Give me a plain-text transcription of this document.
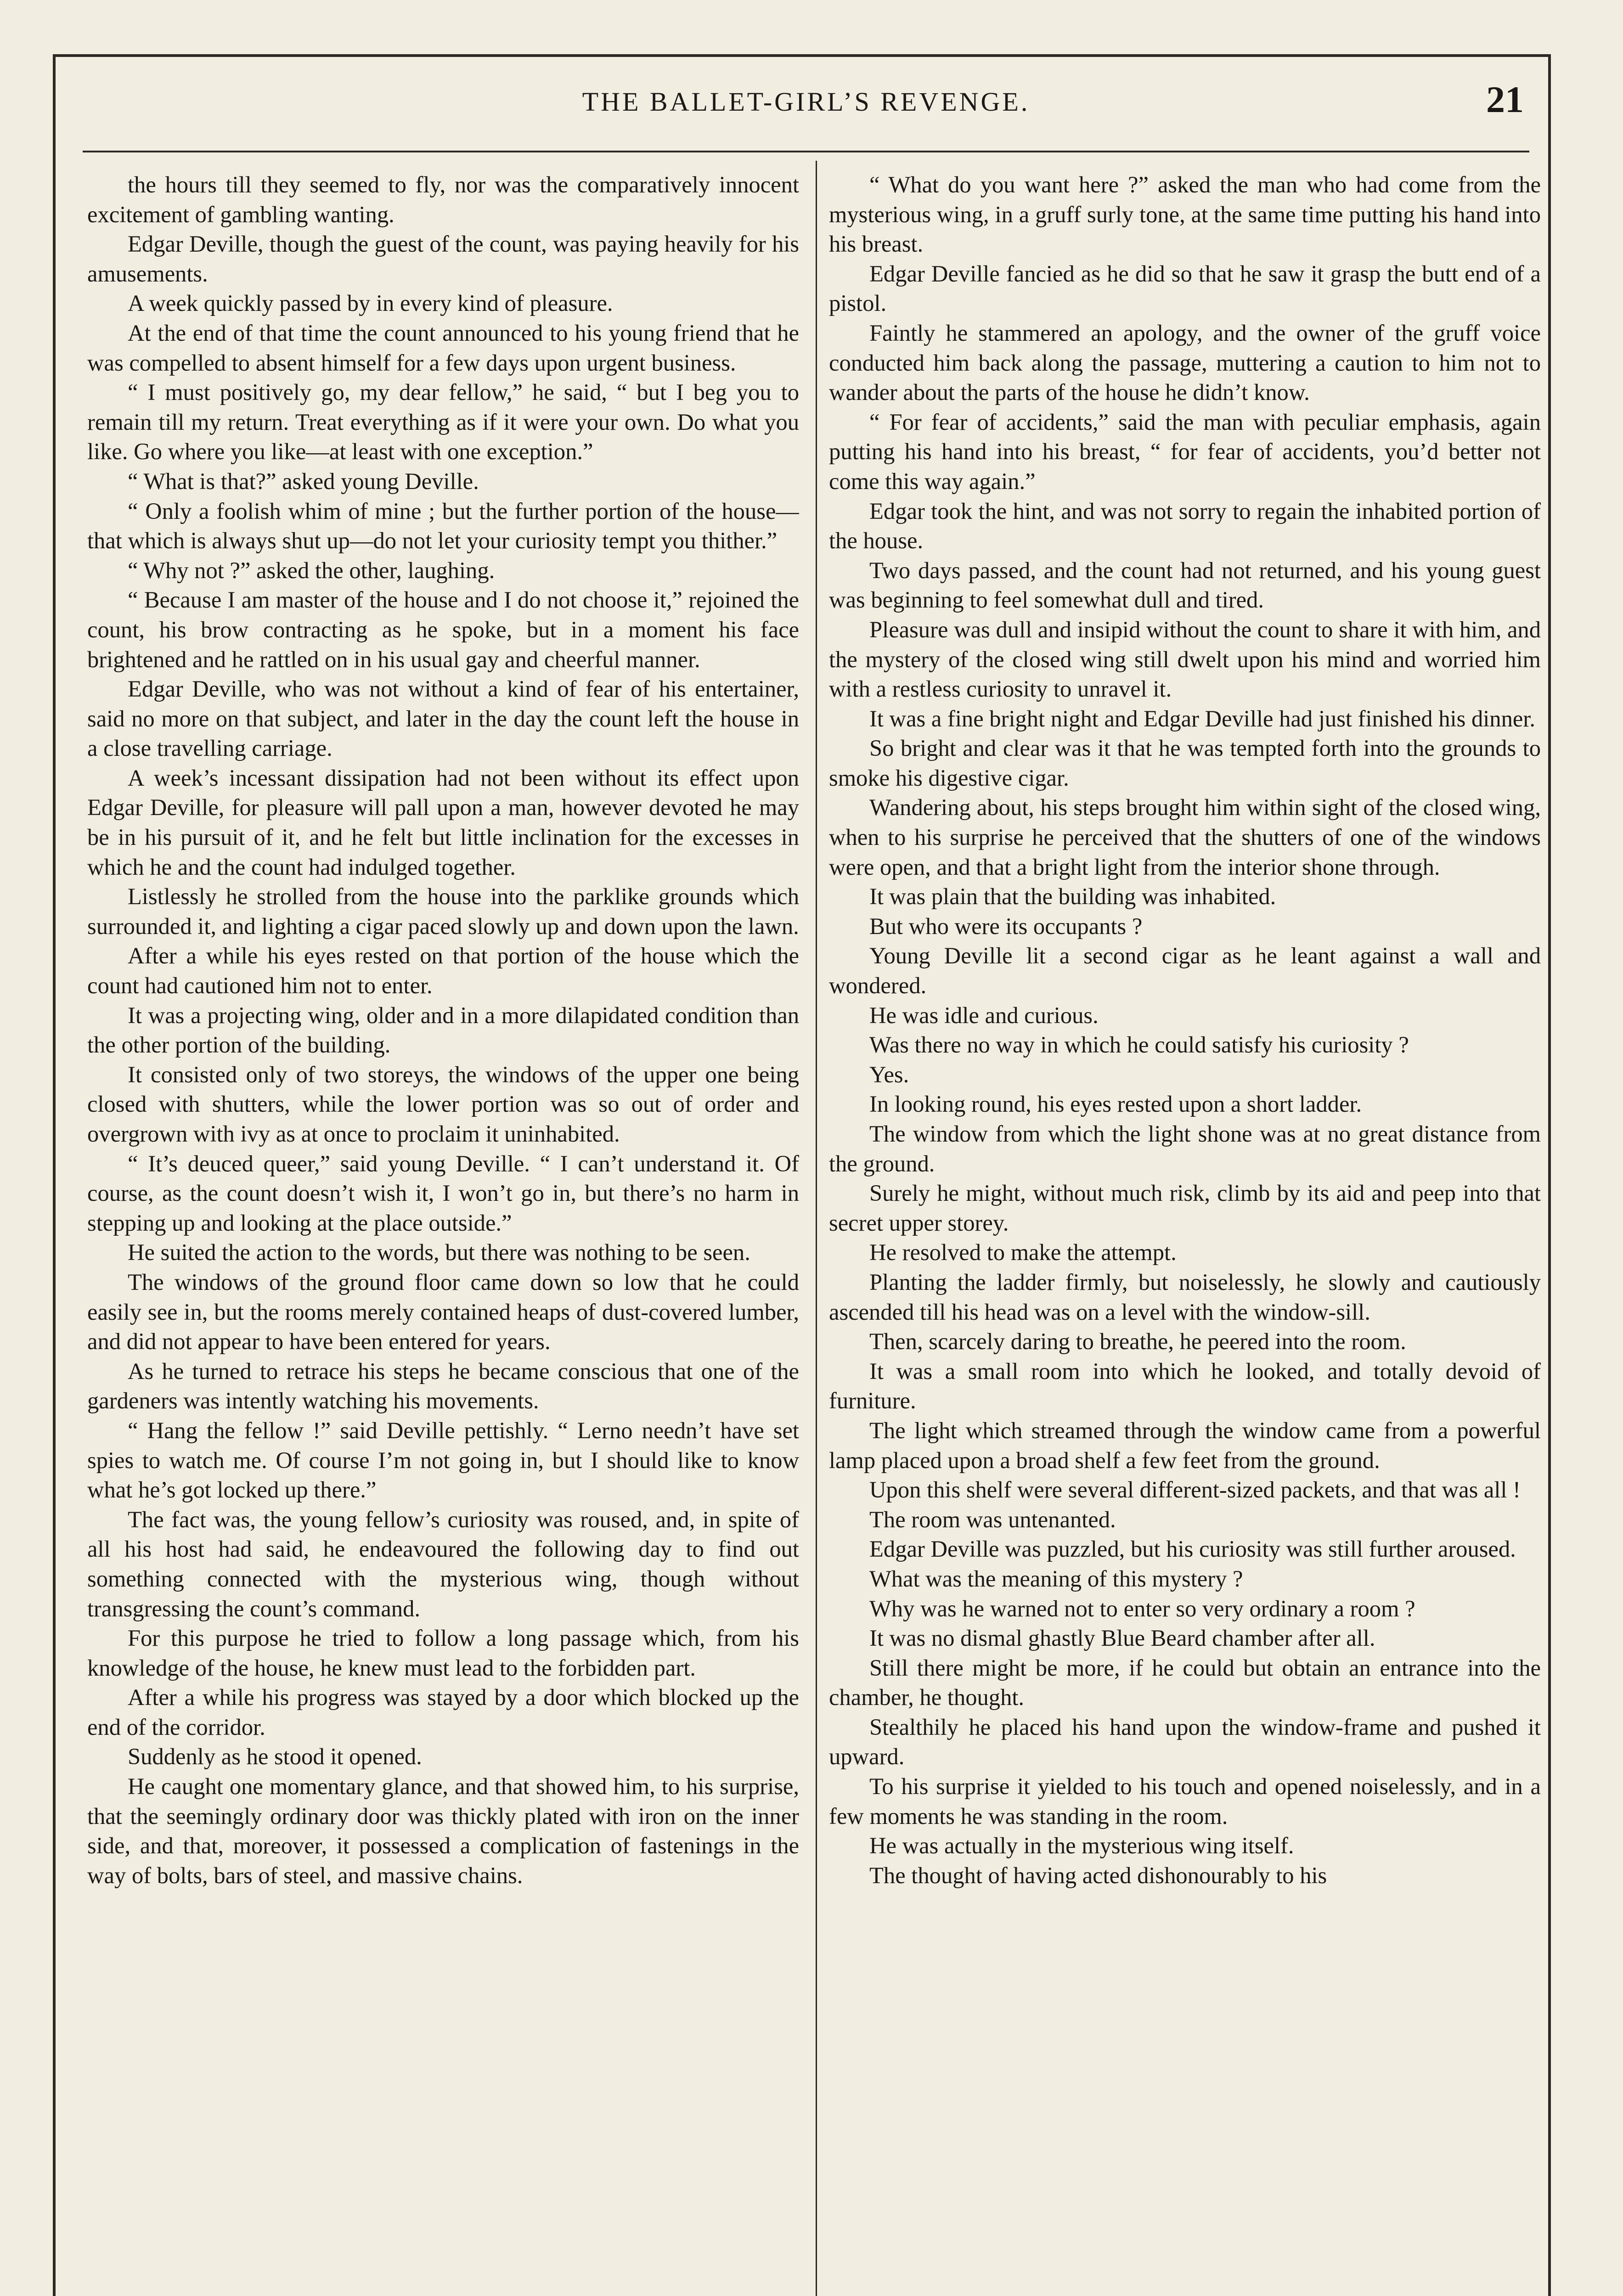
THE BALLET-GIRL’S REVENGE.	21

the hours till they seemed to fly, nor was the comparatively innocent excitement of gambling wanting.

Edgar Deville, though the guest of the count, was paying heavily for his amusements.

A week quickly passed by in every kind of pleasure.

At the end of that time the count announced to his young friend that he was compelled to absent himself for a few days upon urgent business.

“ I must positively go, my dear fellow,” he said, “ but I beg you to remain till my return. Treat everything as if it were your own. Do what you like. Go where you like—at least with one exception.”

“ What is that?” asked young Deville.

“ Only a foolish whim of mine ; but the further portion of the house—that which is always shut up—do not let your curiosity tempt you thither.”

“ Why not ?” asked the other, laughing.

“ Because I am master of the house and I do not choose it,” rejoined the count, his brow contracting as he spoke, but in a moment his face brightened and he rattled on in his usual gay and cheerful manner.

Edgar Deville, who was not without a kind of fear of his entertainer, said no more on that subject, and later in the day the count left the house in a close travelling carriage.

A week’s incessant dissipation had not been without its effect upon Edgar Deville, for pleasure will pall upon a man, however devoted he may be in his pursuit of it, and he felt but little inclination for the excesses in which he and the count had indulged together.

Listlessly he strolled from the house into the parklike grounds which surrounded it, and lighting a cigar paced slowly up and down upon the lawn.

After a while his eyes rested on that portion of the house which the count had cautioned him not to enter.

It was a projecting wing, older and in a more dilapidated condition than the other portion of the building.

It consisted only of two storeys, the windows of the upper one being closed with shutters, while the lower portion was so out of order and overgrown with ivy as at once to proclaim it uninhabited.

“ It’s deuced queer,” said young Deville. “ I can’t understand it. Of course, as the count doesn’t wish it, I won’t go in, but there’s no harm in stepping up and looking at the place outside.”

He suited the action to the words, but there was nothing to be seen.

The windows of the ground floor came down so low that he could easily see in, but the rooms merely contained heaps of dust-covered lumber, and did not appear to have been entered for years.

As he turned to retrace his steps he became conscious that one of the gardeners was intently watching his movements.

“ Hang the fellow !” said Deville pettishly. “ Lerno needn’t have set spies to watch me. Of course I’m not going in, but I should like to know what he’s got locked up there.”

The fact was, the young fellow’s curiosity was roused, and, in spite of all his host had said, he endeavoured the following day to find out something connected with the mysterious wing, though without transgressing the count’s command.

For this purpose he tried to follow a long passage which, from his knowledge of the house, he knew must lead to the forbidden part.

After a while his progress was stayed by a door which blocked up the end of the corridor.

Suddenly as he stood it opened.

He caught one momentary glance, and that showed him, to his surprise, that the seemingly ordinary door was thickly plated with iron on the inner side, and that, moreover, it possessed a complication of fastenings in the way of bolts, bars of steel, and massive chains.

“ What do you want here ?” asked the man who had come from the mysterious wing, in a gruff surly tone, at the same time putting his hand into his breast.

Edgar Deville fancied as he did so that he saw it grasp the butt end of a pistol.

Faintly he stammered an apology, and the owner of the gruff voice conducted him back along the passage, muttering a caution to him not to wander about the parts of the house he didn’t know.

“ For fear of accidents,” said the man with peculiar emphasis, again putting his hand into his breast, “ for fear of accidents, you’d better not come this way again.”

Edgar took the hint, and was not sorry to regain the inhabited portion of the house.

Two days passed, and the count had not returned, and his young guest was beginning to feel somewhat dull and tired.

Pleasure was dull and insipid without the count to share it with him, and the mystery of the closed wing still dwelt upon his mind and worried him with a restless curiosity to unravel it.

It was a fine bright night and Edgar Deville had just finished his dinner.

So bright and clear was it that he was tempted forth into the grounds to smoke his digestive cigar.

Wandering about, his steps brought him within sight of the closed wing, when to his surprise he perceived that the shutters of one of the windows were open, and that a bright light from the interior shone through.

It was plain that the building was inhabited.

But who were its occupants ?

Young Deville lit a second cigar as he leant against a wall and wondered.

He was idle and curious.

Was there no way in which he could satisfy his curiosity ?

Yes.

In looking round, his eyes rested upon a short ladder.

The window from which the light shone was at no great distance from the ground.

Surely he might, without much risk, climb by its aid and peep into that secret upper storey.

He resolved to make the attempt.

Planting the ladder firmly, but noiselessly, he slowly and cautiously ascended till his head was on a level with the window-sill.

Then, scarcely daring to breathe, he peered into the room.

It was a small room into which he looked, and totally devoid of furniture.

The light which streamed through the window came from a powerful lamp placed upon a broad shelf a few feet from the ground.

Upon this shelf were several different-sized packets, and that was all !

The room was untenanted.

Edgar Deville was puzzled, but his curiosity was still further aroused.

What was the meaning of this mystery ?

Why was he warned not to enter so very ordinary a room ?

It was no dismal ghastly Blue Beard chamber after all.

Still there might be more, if he could but obtain an entrance into the chamber, he thought.

Stealthily he placed his hand upon the window-frame and pushed it upward.

To his surprise it yielded to his touch and opened noiselessly, and in a few moments he was standing in the room.

He was actually in the mysterious wing itself.

The thought of having acted dishonourably to his
